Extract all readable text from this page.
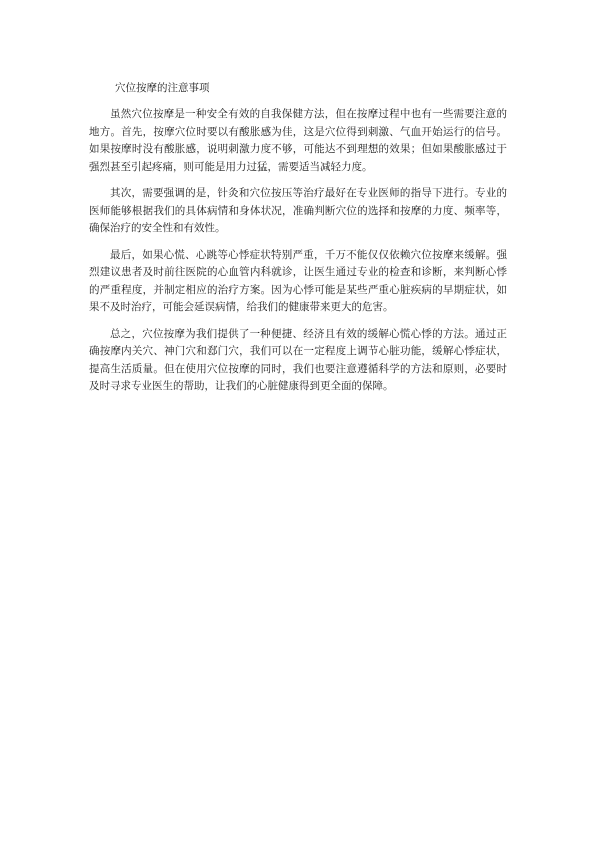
穴位按摩的注意事项

虽然穴位按摩是一种安全有效的自我保健方法，但在按摩过程中也有一些需要注意的地方。首先，按摩穴位时要以有酸胀感为佳，这是穴位得到刺激、气血开始运行的信号。如果按摩时没有酸胀感，说明刺激力度不够，可能达不到理想的效果；但如果酸胀感过于强烈甚至引起疼痛，则可能是用力过猛，需要适当减轻力度。

其次，需要强调的是，针灸和穴位按压等治疗最好在专业医师的指导下进行。专业的医师能够根据我们的具体病情和身体状况，准确判断穴位的选择和按摩的力度、频率等，确保治疗的安全性和有效性。

最后，如果心慌、心跳等心悸症状特别严重，千万不能仅仅依赖穴位按摩来缓解。强烈建议患者及时前往医院的心血管内科就诊，让医生通过专业的检查和诊断，来判断心悸的严重程度，并制定相应的治疗方案。因为心悸可能是某些严重心脏疾病的早期症状，如果不及时治疗，可能会延误病情，给我们的健康带来更大的危害。

总之，穴位按摩为我们提供了一种便捷、经济且有效的缓解心慌心悸的方法。通过正确按摩内关穴、神门穴和郄门穴，我们可以在一定程度上调节心脏功能，缓解心悸症状，提高生活质量。但在使用穴位按摩的同时，我们也要注意遵循科学的方法和原则，必要时及时寻求专业医生的帮助，让我们的心脏健康得到更全面的保障。
